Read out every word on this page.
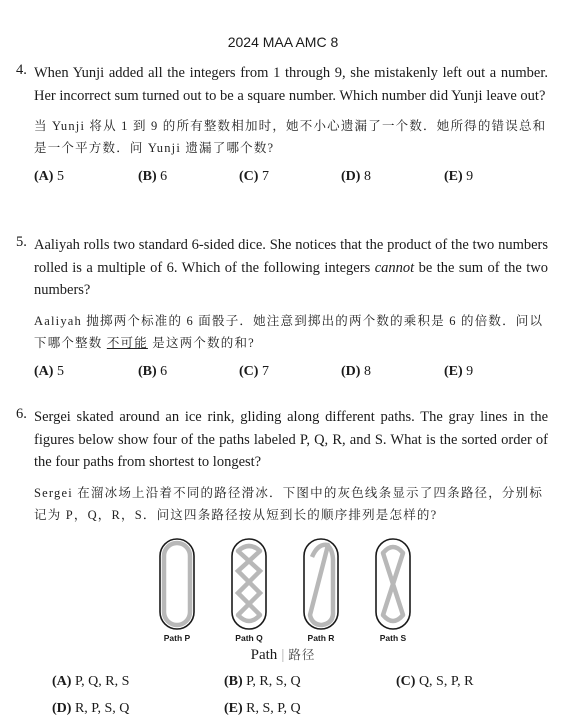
2024 MAA AMC 8
4. When Yunji added all the integers from 1 through 9, she mistakenly left out a number. Her incorrect sum turned out to be a square number. Which number did Yunji leave out?
当 Yunji 将从 1 到 9 的所有整数相加时，她不小心遗漏了一个数．她所得的错误总和是一个平方数．问 Yunji 遗漏了哪个数?
(A) 5	(B) 6	(C) 7	(D) 8	(E) 9
5. Aaliyah rolls two standard 6-sided dice. She notices that the product of the two numbers rolled is a multiple of 6. Which of the following integers cannot be the sum of the two numbers?
Aaliyah 抛掷两个标准的 6 面骰子．她注意到掷出的两个数的乘积是 6 的倍数．问以下哪个整数 不可能 是这两个数的和?
(A) 5	(B) 6	(C) 7	(D) 8	(E) 9
6. Sergei skated around an ice rink, gliding along different paths. The gray lines in the figures below show four of the paths labeled P, Q, R, and S. What is the sorted order of the four paths from shortest to longest?
Sergei 在溜冰场上沿着不同的路径滑冰．下图中的灰色线条显示了四条路径，分别标记为 P，Q，R，S．问这四条路径按从短到长的顺序排列是怎样的?
Path P	Path Q	Path R	Path S
Path | 路径
(A) P, Q, R, S	(B) P, R, S, Q	(C) Q, S, P, R
(D) R, P, S, Q	(E) R, S, P, Q
